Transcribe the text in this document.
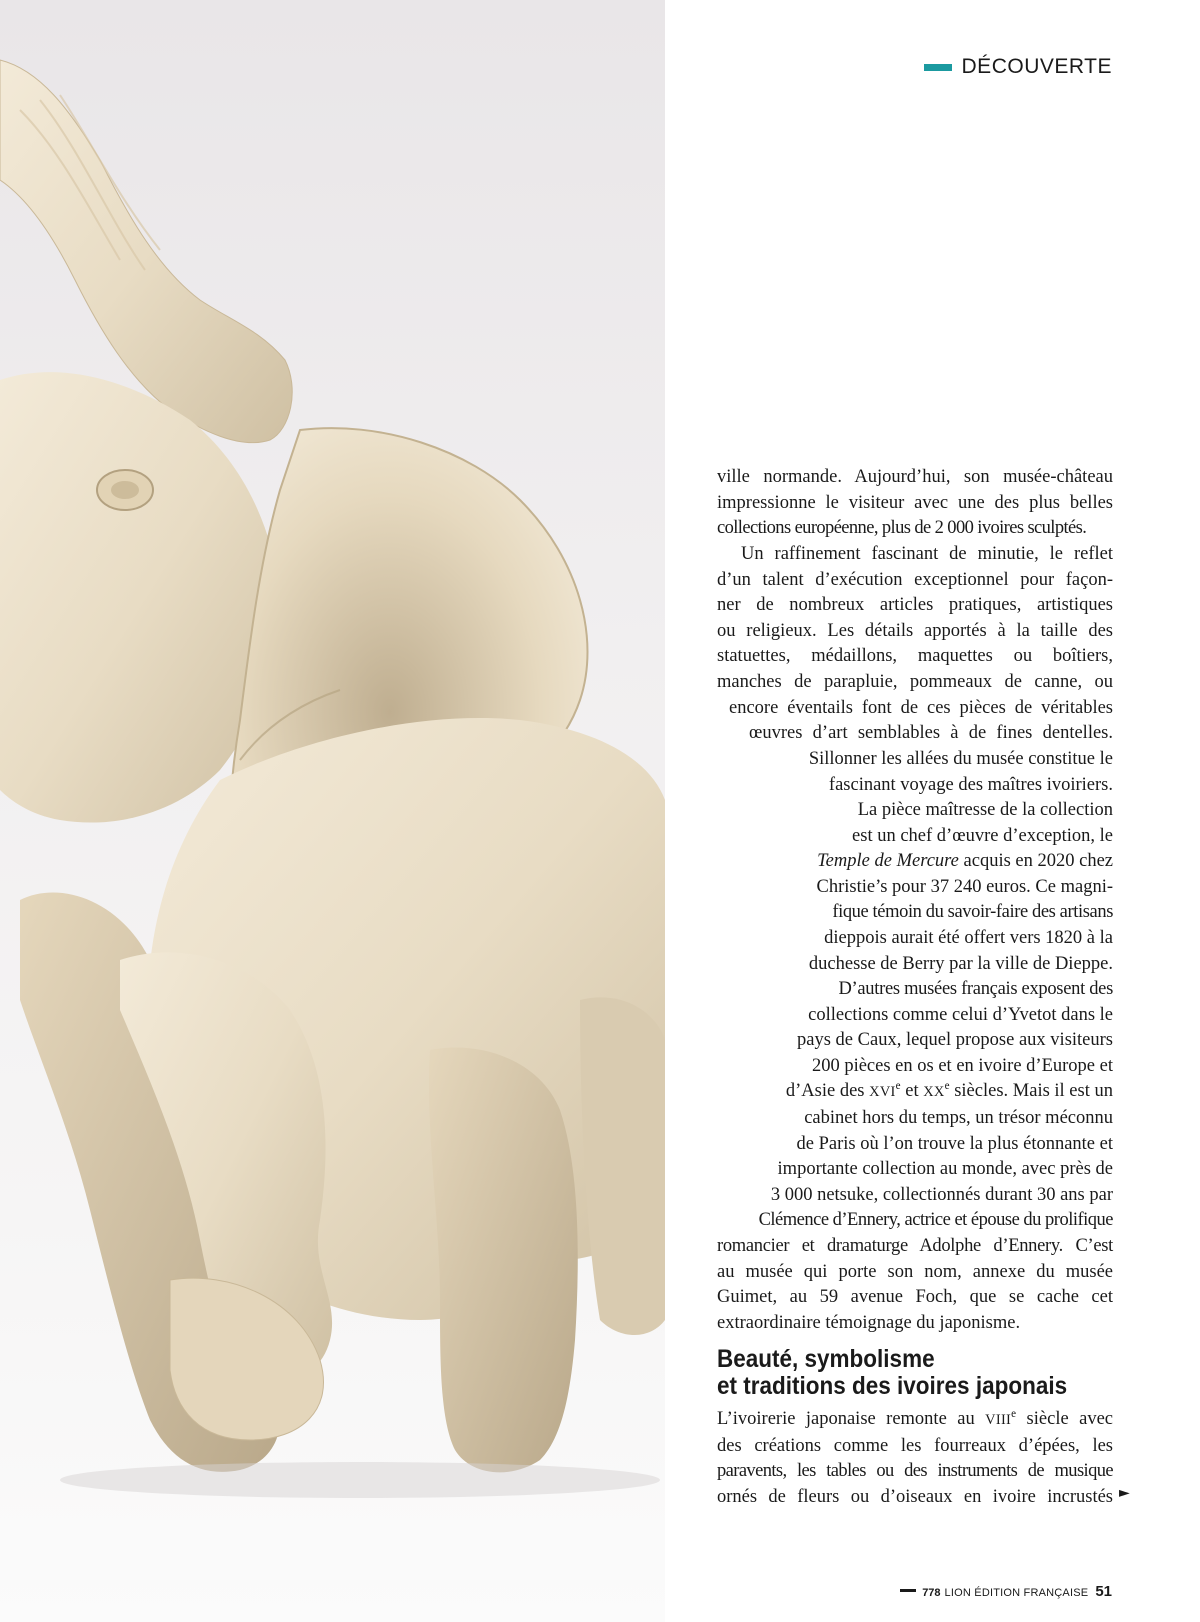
DÉCOUVERTE
ville normande. Aujourd’hui, son musée-château
impressionne le visiteur avec une des plus belles
collections européenne, plus de 2 000 ivoires sculptés.
Un raffinement fascinant de minutie, le reflet
d’un talent d’exécution exceptionnel pour façon-
ner de nombreux articles pratiques, artistiques
ou religieux. Les détails apportés à la taille des
statuettes, médaillons, maquettes ou boîtiers,
manches de parapluie, pommeaux de canne, ou
encore éventails font de ces pièces de véritables
œuvres d’art semblables à de fines dentelles.
Sillonner les allées du musée constitue le
fascinant voyage des maîtres ivoiriers.
La pièce maîtresse de la collection
est un chef d’œuvre d’exception, le
Temple de Mercure acquis en 2020 chez
Christie’s pour 37 240 euros. Ce magni-
fique témoin du savoir-faire des artisans
dieppois aurait été offert vers 1820 à la
duchesse de Berry par la ville de Dieppe.
D’autres musées français exposent des
collections comme celui d’Yvetot dans le
pays de Caux, lequel propose aux visiteurs
200 pièces en os et en ivoire d’Europe et
d’Asie des XVIe et XXe siècles. Mais il est un
cabinet hors du temps, un trésor méconnu
de Paris où l’on trouve la plus étonnante et
importante collection au monde, avec près de
3 000 netsuke, collectionnés durant 30 ans par
Clémence d’Ennery, actrice et épouse du prolifique
romancier et dramaturge Adolphe d’Ennery. C’est
au musée qui porte son nom, annexe du musée
Guimet, au 59 avenue Foch, que se cache cet
extraordinaire témoignage du japonisme.
Beauté, symbolisme
et traditions des ivoires japonais
L’ivoirerie japonaise remonte au VIIIe siècle avec
des créations comme les fourreaux d’épées, les
paravents, les tables ou des instruments de musique
ornés de fleurs ou d’oiseaux en ivoire incrustés ►
778 LION ÉDITION FRANÇAISE 51
